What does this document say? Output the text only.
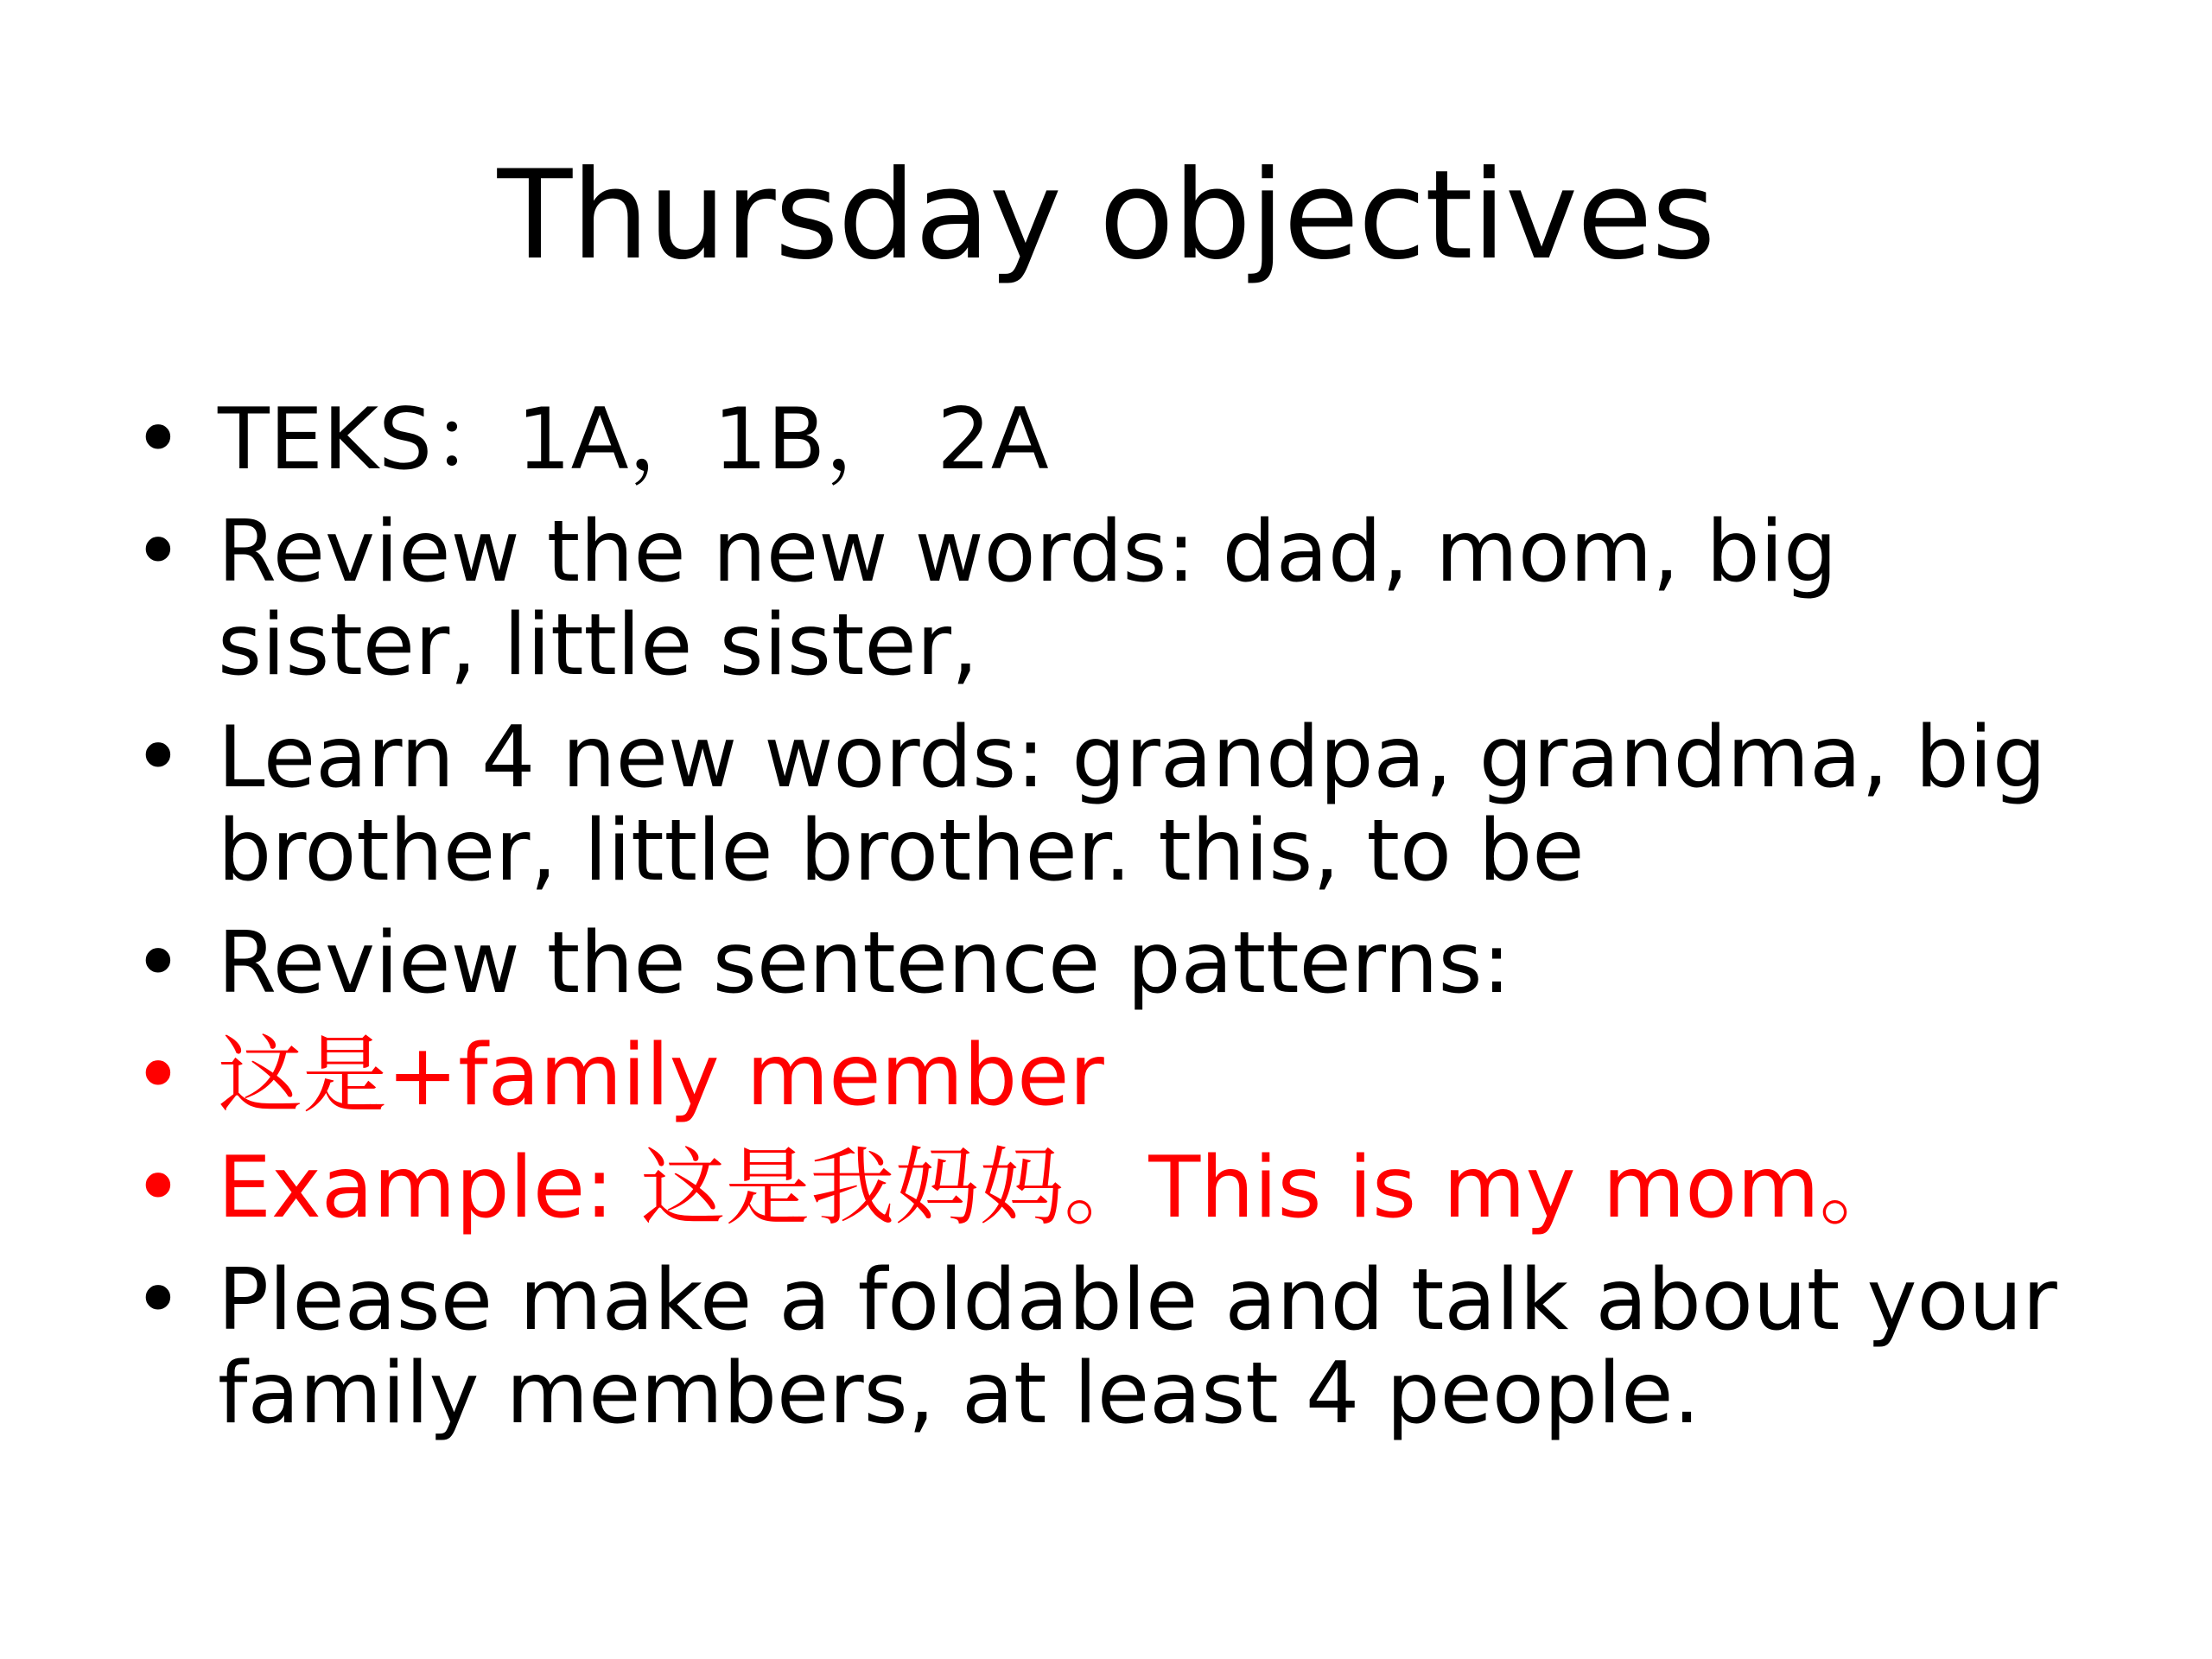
Thursday objectives
• TEKS：1A，1B， 2A
• Review the new words: dad, mom, big sister, little sister,
• Learn 4 new words: grandpa, grandma, big brother, little brother. this, to be
• Review the sentence patterns:
• 这是+family member
• Example: 这是我妈妈。This is my mom。
• Please make a foldable and talk about your family members, at least 4 people.
